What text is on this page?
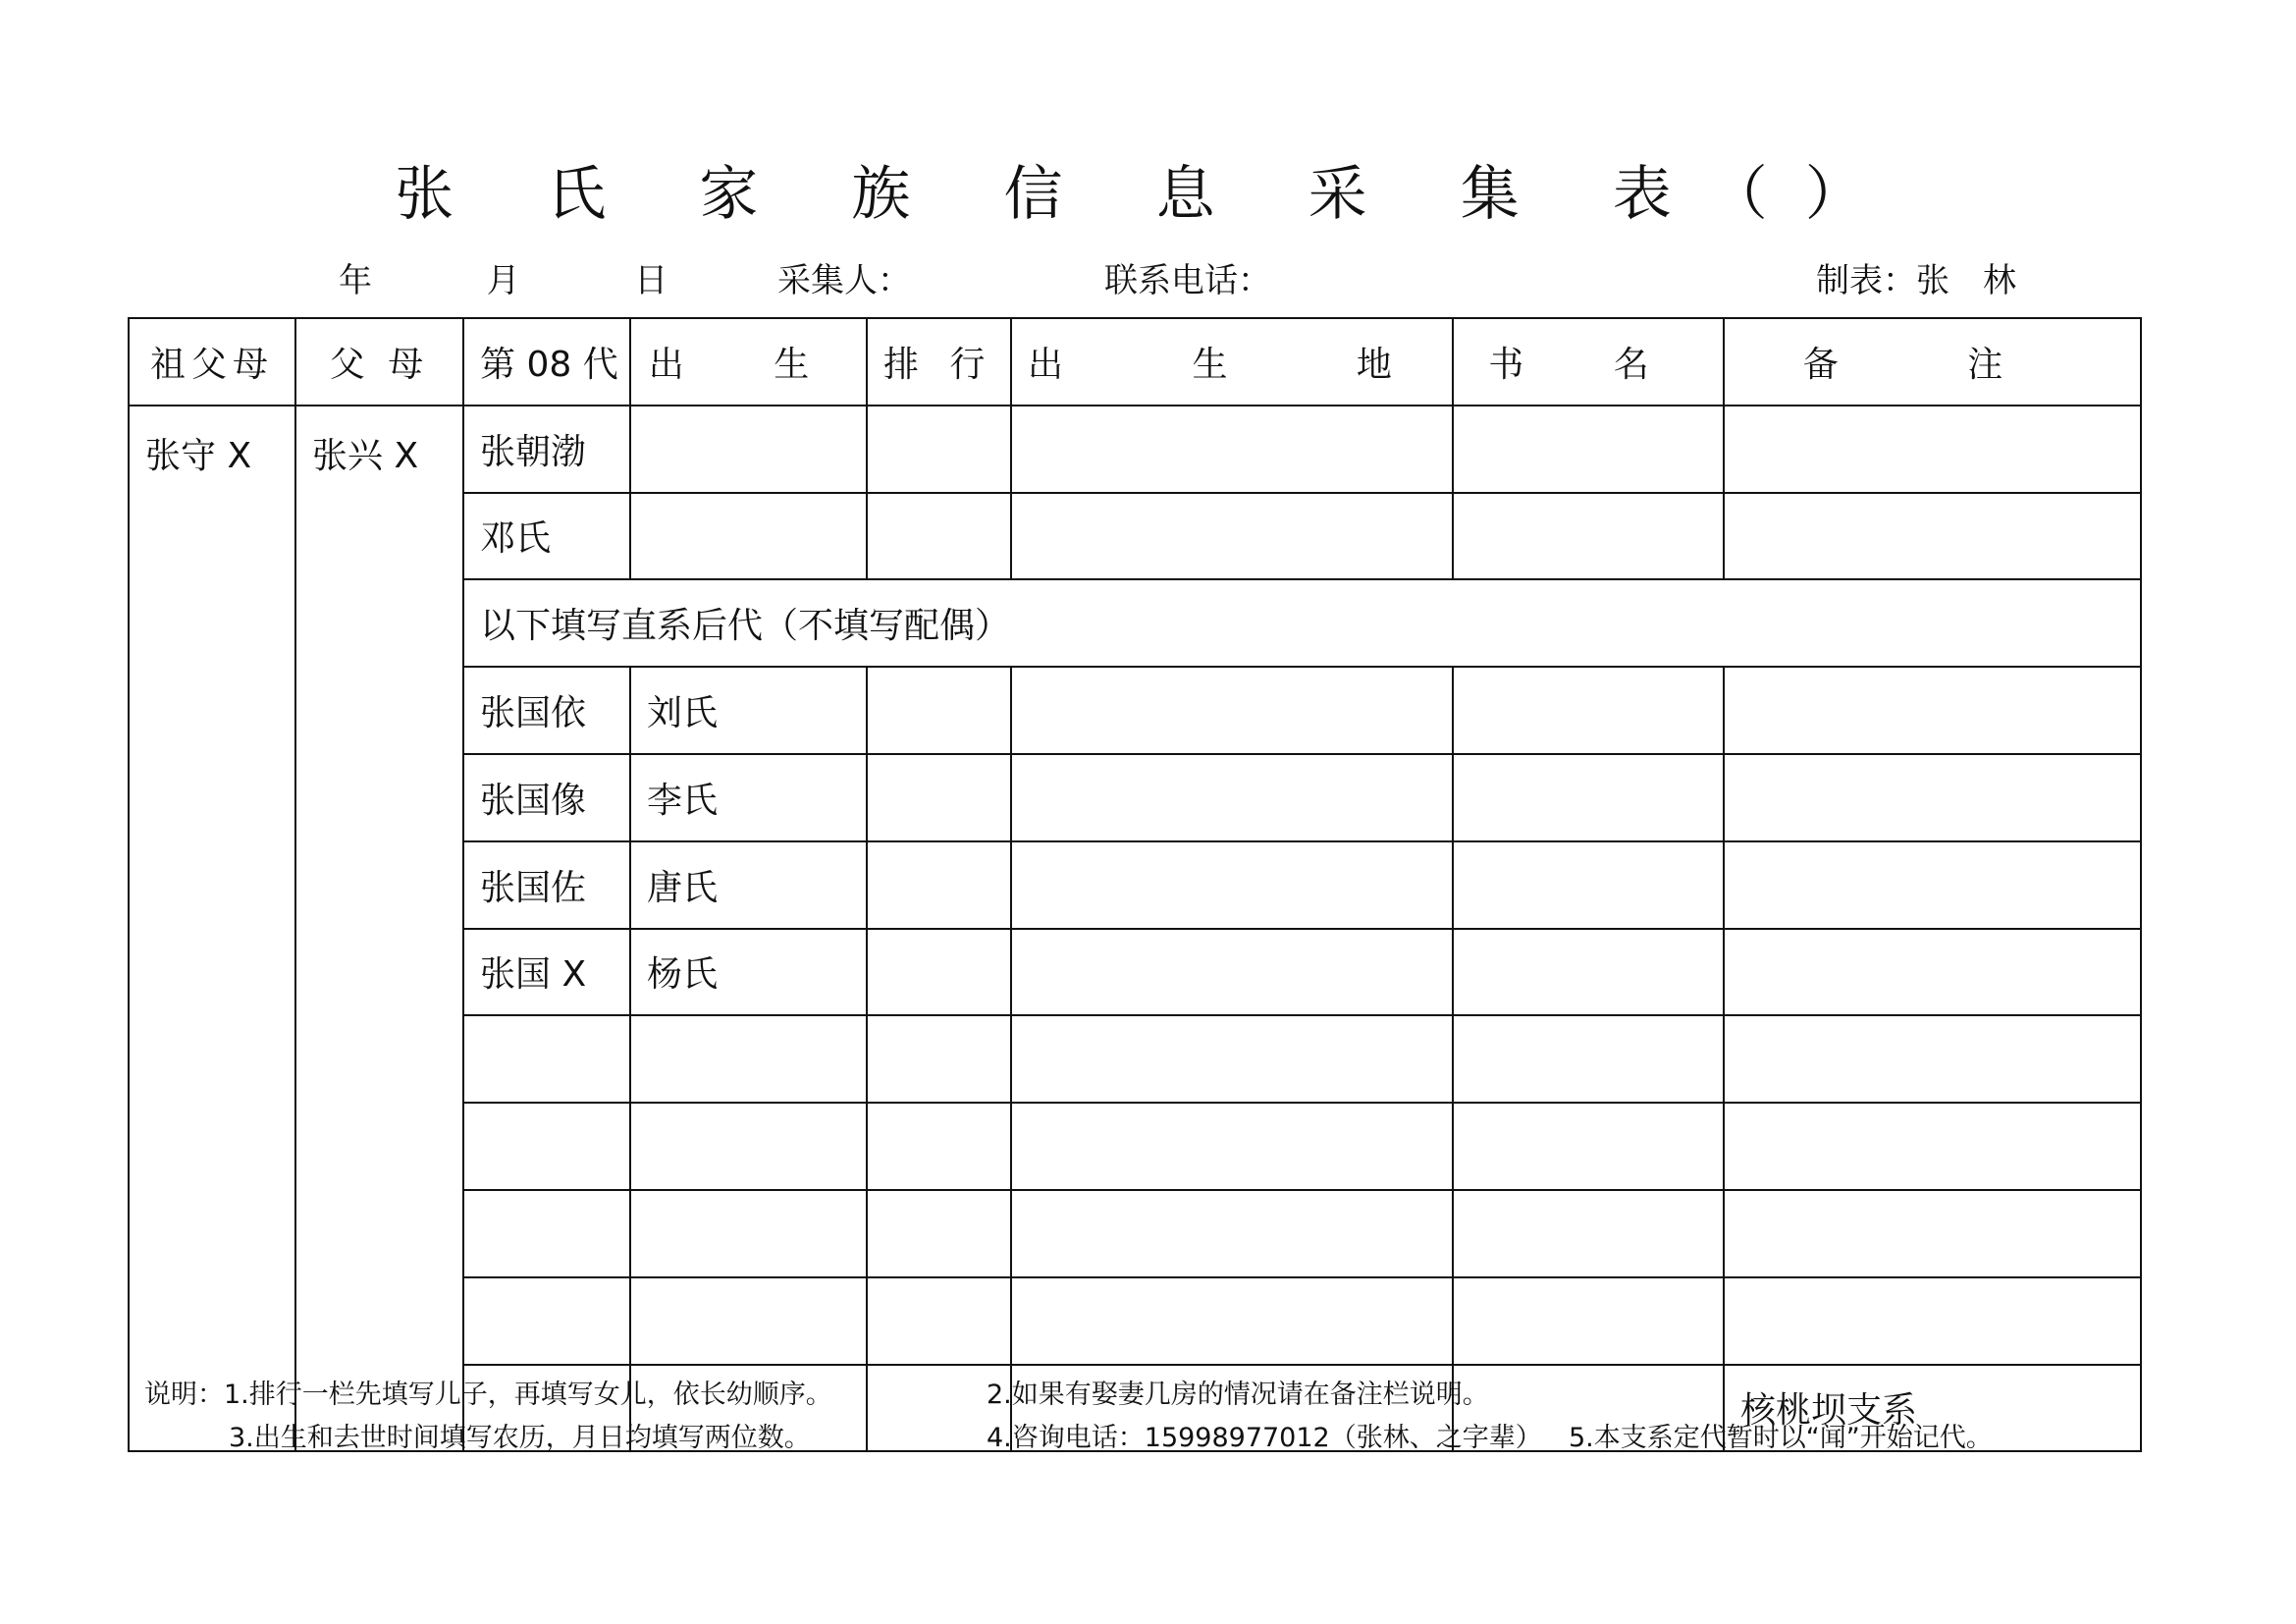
张 氏 家 族 信 息 采 集 表（）
年	月	日	采集人：	联系电话：	制表：张　林
祖父母	父 母	第 08 代	出 生	排 行	出 生 地	书 名	备 注
张守 X	张兴 X	张朝渤					
		邓氏					
		以下填写直系后代（不填写配偶）					
		张国依	刘氏				
		张国像	李氏				
		张国佐	唐氏				
		张国 X	杨氏				

							核桃坝支系
说明：1.排行一栏先填写儿子，再填写女儿，依长幼顺序。	2.如果有娶妻几房的情况请在备注栏说明。
3.出生和去世时间填写农历，月日均填写两位数。	4.咨询电话：15998977012（张林、之字辈） 5.本支系定代暂时以“闻”开始记代。
